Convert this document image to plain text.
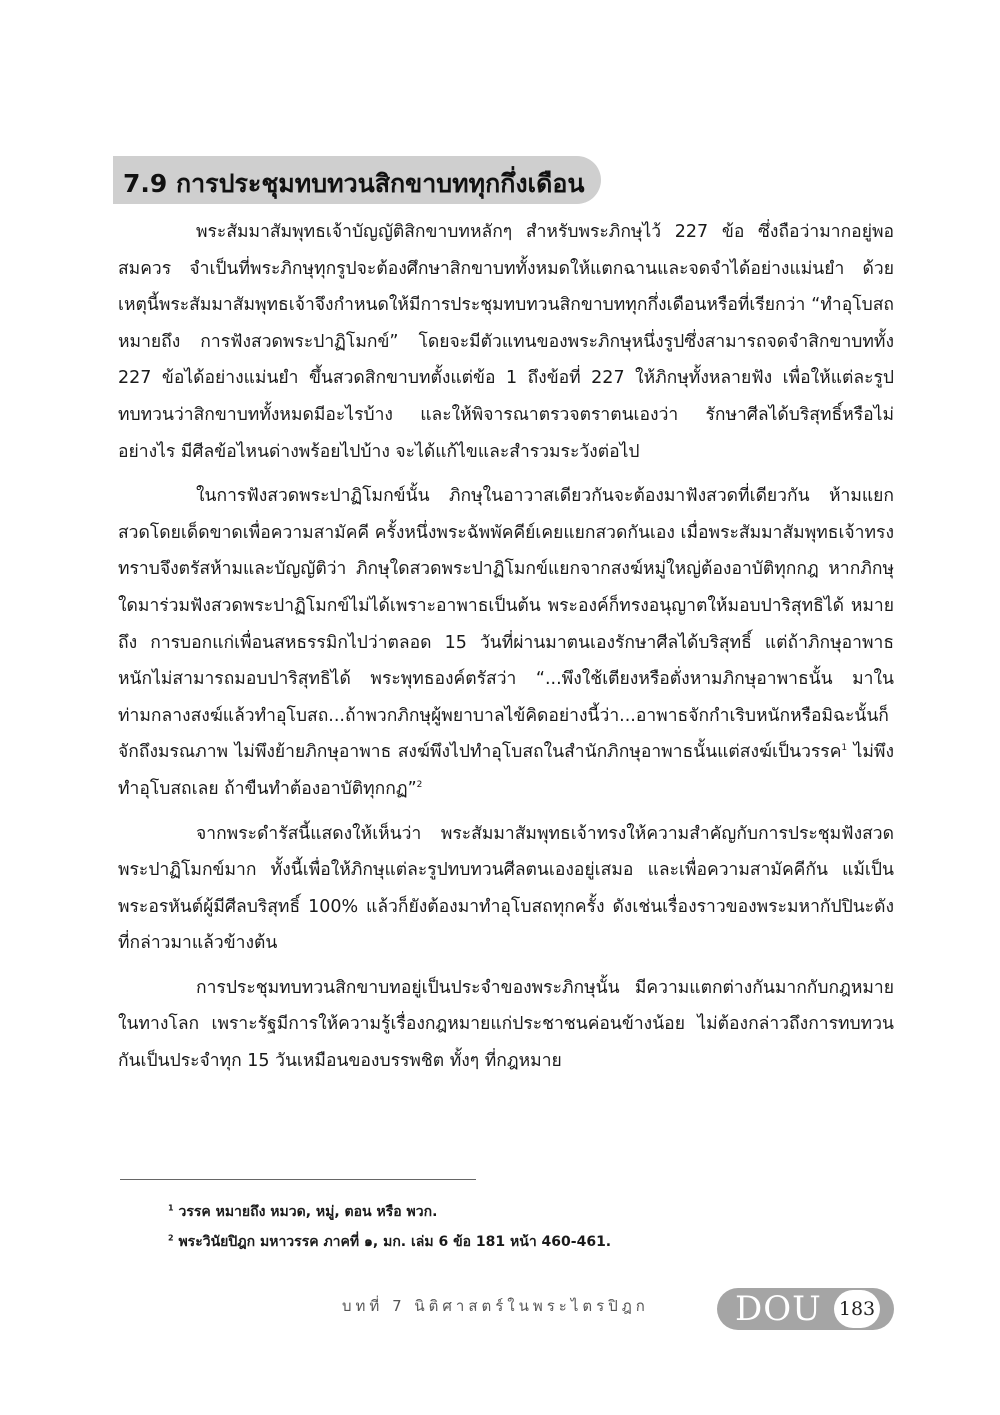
7.9 การประชุมทบทวนสิกขาบททุกกึ่งเดือน

พระสัมมาสัมพุทธเจ้าบัญญัติสิกขาบทหลักๆ สำหรับพระภิกษุไว้ 227 ข้อ ซึ่งถือว่ามากอยู่พอสมควร จำเป็นที่พระภิกษุทุกรูปจะต้องศึกษาสิกขาบททั้งหมดให้แตกฉานและจดจำได้อย่างแม่นยำ ด้วยเหตุนี้พระสัมมาสัมพุทธเจ้าจึงกำหนดให้มีการประชุมทบทวนสิกขาบททุกกึ่งเดือนหรือที่เรียกว่า “ทำอุโบสถ หมายถึง การฟังสวดพระปาฏิโมกข์” โดยจะมีตัวแทนของพระภิกษุหนึ่งรูปซึ่งสามารถจดจำสิกขาบททั้ง 227 ข้อได้อย่างแม่นยำ ขึ้นสวดสิกขาบทตั้งแต่ข้อ 1 ถึงข้อที่ 227 ให้ภิกษุทั้งหลายฟัง เพื่อให้แต่ละรูปทบทวนว่าสิกขาบททั้งหมดมีอะไรบ้าง และให้พิจารณาตรวจตราตนเองว่า รักษาศีลได้บริสุทธิ์หรือไม่อย่างไร มีศีลข้อไหนด่างพร้อยไปบ้าง จะได้แก้ไขและสำรวมระวังต่อไป

ในการฟังสวดพระปาฏิโมกข์นั้น ภิกษุในอาวาสเดียวกันจะต้องมาฟังสวดที่เดียวกัน ห้ามแยกสวดโดยเด็ดขาดเพื่อความสามัคคี ครั้งหนึ่งพระฉัพพัคคีย์เคยแยกสวดกันเอง เมื่อพระสัมมาสัมพุทธเจ้าทรงทราบจึงตรัสห้ามและบัญญัติว่า ภิกษุใดสวดพระปาฏิโมกข์แยกจากสงฆ์หมู่ใหญ่ต้องอาบัติทุกกฎ หากภิกษุใดมาร่วมฟังสวดพระปาฏิโมกข์ไม่ได้เพราะอาพาธเป็นต้น พระองค์ก็ทรงอนุญาตให้มอบปาริสุทธิได้ หมายถึง การบอกแก่เพื่อนสหธรรมิกไปว่าตลอด 15 วันที่ผ่านมาตนเองรักษาศีลได้บริสุทธิ์ แต่ถ้าภิกษุอาพาธหนักไม่สามารถมอบปาริสุทธิได้ พระพุทธองค์ตรัสว่า “...พึงใช้เตียงหรือตั่งหามภิกษุอาพาธนั้น มาในท่ามกลางสงฆ์แล้วทำอุโบสถ...ถ้าพวกภิกษุผู้พยาบาลไข้คิดอย่างนี้ว่า...อาพาธจักกำเริบหนักหรือมิฉะนั้นก็จักถึงมรณภาพ ไม่พึงย้ายภิกษุอาพาธ สงฆ์พึงไปทำอุโบสถในสำนักภิกษุอาพาธนั้นแต่สงฆ์เป็นวรรค$^1$ ไม่พึงทำอุโบสถเลย ถ้าขืนทำต้องอาบัติทุกกฏ”$^2$

จากพระดำรัสนี้แสดงให้เห็นว่า พระสัมมาสัมพุทธเจ้าทรงให้ความสำคัญกับการประชุมฟังสวดพระปาฏิโมกข์มาก ทั้งนี้เพื่อให้ภิกษุแต่ละรูปทบทวนศีลตนเองอยู่เสมอ และเพื่อความสามัคคีกัน แม้เป็นพระอรหันต์ผู้มีศีลบริสุทธิ์ 100% แล้วก็ยังต้องมาทำอุโบสถทุกครั้ง ดังเช่นเรื่องราวของพระมหากัปปินะดังที่กล่าวมาแล้วข้างต้น

การประชุมทบทวนสิกขาบทอยู่เป็นประจำของพระภิกษุนั้น มีความแตกต่างกันมากกับกฎหมายในทางโลก เพราะรัฐมีการให้ความรู้เรื่องกฎหมายแก่ประชาชนค่อนข้างน้อย ไม่ต้องกล่าวถึงการทบทวนกันเป็นประจำทุก 15 วันเหมือนของบรรพชิต ทั้งๆ ที่กฎหมาย

$^1$ วรรค หมายถึง หมวด, หมู่, ตอน หรือ พวก.
$^2$ พระวินัยปิฎก มหาวรรค ภาคที่ ๑, มก. เล่ม 6 ข้อ 181 หน้า 460-461.
บทที่ 7 นิติศาสตร์ในพระไตรปิฎก	DOU 183
